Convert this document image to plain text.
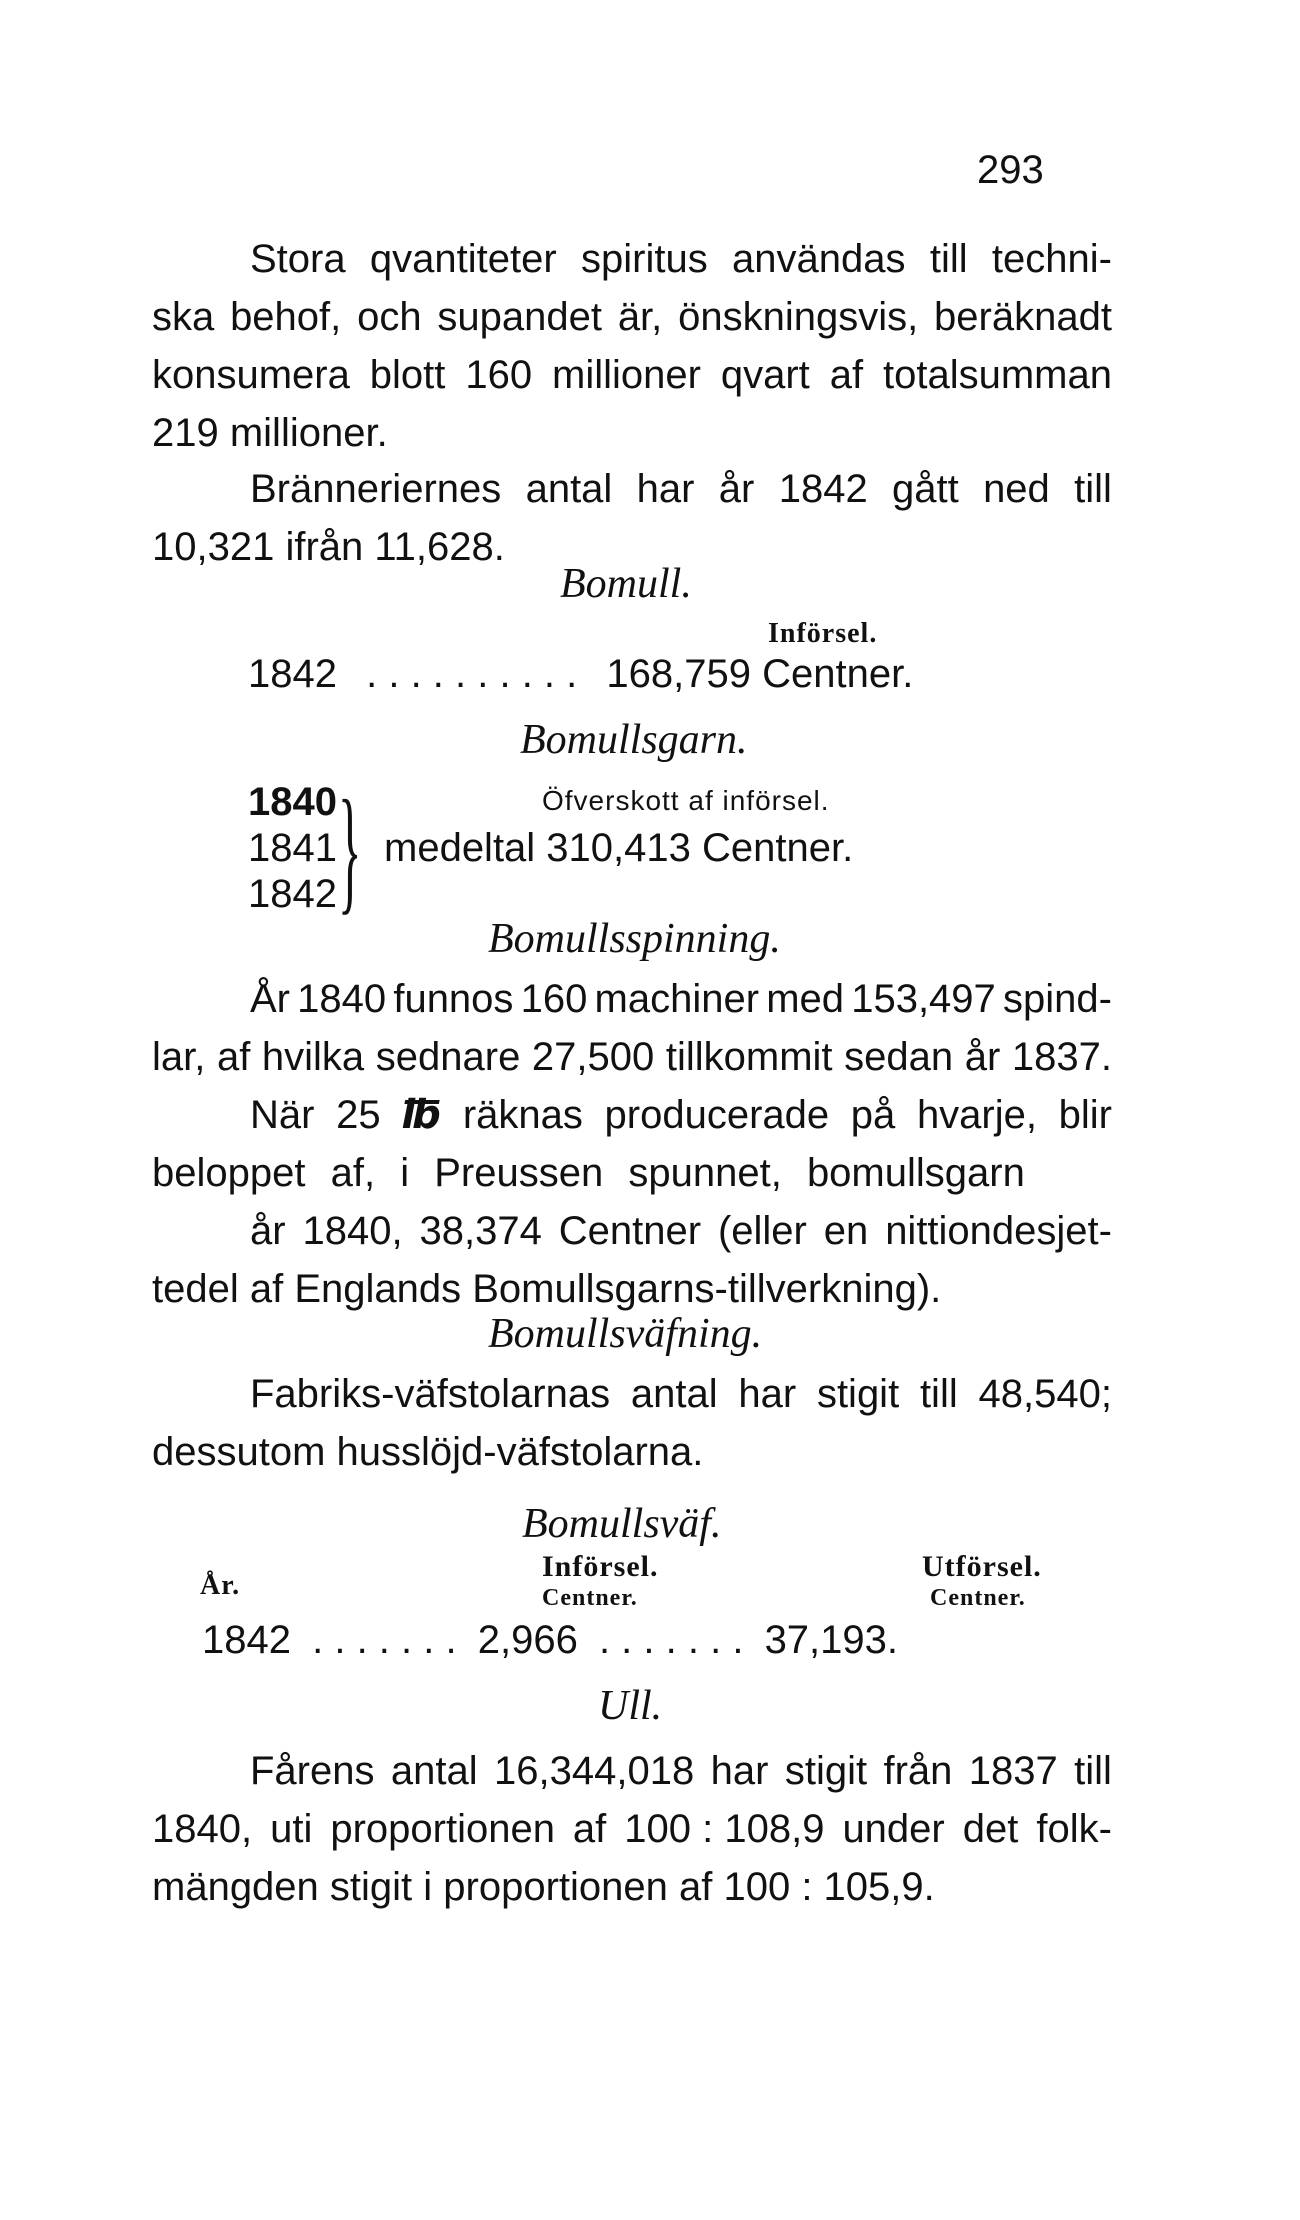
293
Stora qvantiteter spiritus användas till techni-
ska behof, och supandet är, önskningsvis, beräknadt
konsumera blott 160 millioner qvart af totalsumman
219 millioner.
Bränneriernes antal har år 1842 gått ned till
10,321 ifrån 11,628.
Bomull.
Införsel.
1842 . . . . . . . . . . 168,759 Centner.
Bomullsgarn.
Öfverskott af införsel.
1840
1841
1842 } medeltal 310,413 Centner.
Bomullsspinning.
År 1840 funnos 160 machiner med 153,497 spind-
lar, af hvilka sednare 27,500 tillkommit sedan år 1837.
När 25 ℔ räknas producerade på hvarje, blir
beloppet af, i Preussen spunnet, bomullsgarn
år 1840, 38,374 Centner (eller en nittiondesjet-
tedel af Englands Bomullsgarns-tillverkning).
Bomullsväfning.
Fabriks-väfstolarnas antal har stigit till 48,540;
dessutom husslöjd-väfstolarna.
Bomullsväf.
År.
Införsel.
Centner.
Utförsel.
Centner.
1842 . . . . . . . 2,966 . . . . . . . 37,193.
Ull.
Fårens antal 16,344,018 har stigit från 1837 till
1840, uti proportionen af 100 : 108,9 under det folk-
mängden stigit i proportionen af 100 : 105,9.
